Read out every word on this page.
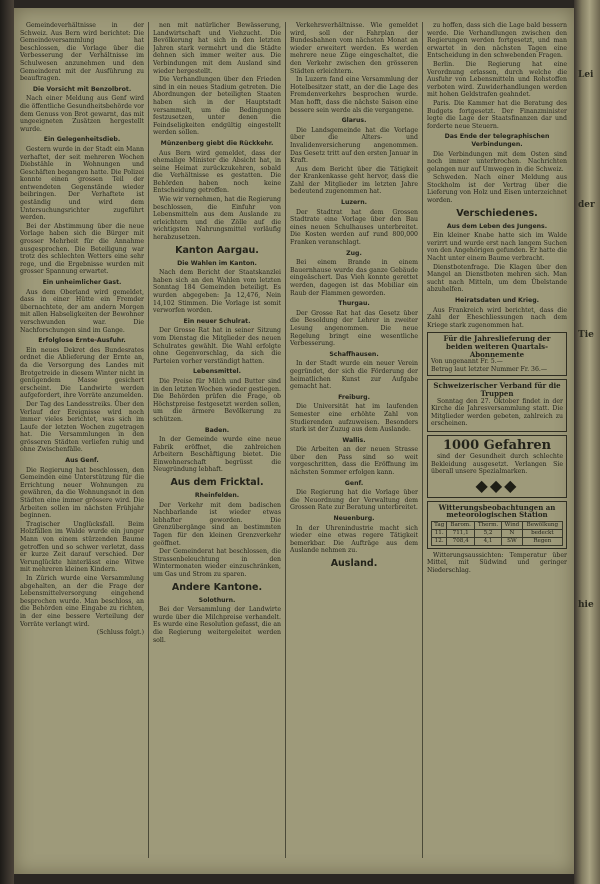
Gemeindeverhältnisse in der Schweiz. Aus Bern wird berichtet: Die Gemeindeversammlung hat beschlossen, die Vorlage über die Verbesserung der Verhältnisse im Schulwesen anzunehmen und den Gemeinderat mit der Ausführung zu beauftragen.

Die Vorsicht mit Benzolbrot.

Nach einer Meldung aus Genf wird die öffentliche Gesundheitsbehörde vor dem Genuss von Brot gewarnt, das mit ungeeigneten Zusätzen hergestellt wurde.

Ein Gelegenheitsdieb.

Gestern wurde in der Stadt ein Mann verhaftet, der seit mehreren Wochen Diebstähle in Wohnungen und Geschäften begangen hatte. Die Polizei konnte einen grossen Teil der entwendeten Gegenstände wieder beibringen. Der Verhaftete ist geständig und wird dem Untersuchungsrichter zugeführt werden.

Bei der Abstimmung über die neue Vorlage haben sich die Bürger mit grosser Mehrheit für die Annahme ausgesprochen. Die Beteiligung war trotz des schlechten Wetters eine sehr rege, und die Ergebnisse wurden mit grosser Spannung erwartet.

Ein unheimlicher Gast.

Aus dem Oberland wird gemeldet, dass in einer Hütte ein Fremder übernachtete, der am andern Morgen mit allen Habseligkeiten der Bewohner verschwunden war. Die Nachforschungen sind im Gange.

Erfolglose Ernte-Ausfuhr.

Ein neues Dekret des Bundesrates ordnet die Ablieferung der Ernte an, da die Versorgung des Landes mit Brotgetreide in diesem Winter nicht in genügendem Masse gesichert erscheint. Die Landwirte werden aufgefordert, ihre Vorräte anzumelden.

Der Tag des Landesstreiks. Über den Verlauf der Ereignisse wird noch immer vieles berichtet, was sich im Laufe der letzten Wochen zugetragen hat. Die Versammlungen in den grösseren Städten verliefen ruhig und ohne Zwischenfälle.

Aus Genf.

Die Regierung hat beschlossen, den Gemeinden eine Unterstützung für die Errichtung neuer Wohnungen zu gewähren, da die Wohnungsnot in den Städten eine immer grössere wird. Die Arbeiten sollen im nächsten Frühjahr beginnen.

Tragischer Unglücksfall. Beim Holzfällen im Walde wurde ein junger Mann von einem stürzenden Baume getroffen und so schwer verletzt, dass er kurze Zeit darauf verschied. Der Verunglückte hinterlässt eine Witwe mit mehreren kleinen Kindern.

In Zürich wurde eine Versammlung abgehalten, an der die Frage der Lebensmittelversorgung eingehend besprochen wurde. Man beschloss, an die Behörden eine Eingabe zu richten, in der eine bessere Verteilung der Vorräte verlangt wird.

(Schluss folgt.)

nen mit natürlicher Bewässerung, Landwirtschaft und Viehzucht. Die Bevölkerung hat sich in den letzten Jahren stark vermehrt und die Städte dehnen sich immer weiter aus. Die Verbindungen mit dem Ausland sind wieder hergestellt.

Die Verhandlungen über den Frieden sind in ein neues Stadium getreten. Die Abordnungen der beteiligten Staaten haben sich in der Hauptstadt versammelt, um die Bedingungen festzusetzen, unter denen die Feindseligkeiten endgültig eingestellt werden sollen.

Münzenberg giebt die Rückkehr.

Aus Bern wird gemeldet, dass der ehemalige Minister die Absicht hat, in seine Heimat zurückzukehren, sobald die Verhältnisse es gestatten. Die Behörden haben noch keine Entscheidung getroffen.

Wie wir vernehmen, hat die Regierung beschlossen, die Einfuhr von Lebensmitteln aus dem Auslande zu erleichtern und die Zölle auf die wichtigsten Nahrungsmittel vorläufig herabzusetzen.

Kanton Aargau.
Die Wahlen im Kanton.

Nach dem Bericht der Staatskanzlei haben sich an den Wahlen vom letzten Sonntag 184 Gemeinden beteiligt. Es wurden abgegeben: Ja 12,476, Nein 14,102 Stimmen. Die Vorlage ist somit verworfen worden.

Ein neuer Schulrat.

Der Grosse Rat hat in seiner Sitzung vom Dienstag die Mitglieder des neuen Schulrates gewählt. Die Wahl erfolgte ohne Gegenvorschlag, da sich die Parteien vorher verständigt hatten.

Lebensmittel.

Die Preise für Milch und Butter sind in den letzten Wochen wieder gestiegen. Die Behörden prüfen die Frage, ob Höchstpreise festgesetzt werden sollen, um die ärmere Bevölkerung zu schützen.

Baden.

In der Gemeinde wurde eine neue Fabrik eröffnet, die zahlreichen Arbeitern Beschäftigung bietet. Die Einwohnerschaft begrüsst die Neugründung lebhaft.

Aus dem Fricktal.
Rheinfelden.

Der Verkehr mit dem badischen Nachbarlande ist wieder etwas lebhafter geworden. Die Grenzübergänge sind an bestimmten Tagen für den kleinen Grenzverkehr geöffnet.

Der Gemeinderat hat beschlossen, die Strassenbeleuchtung in den Wintermonaten wieder einzuschränken, um Gas und Strom zu sparen.

Andere Kantone.
Solothurn.

Bei der Versammlung der Landwirte wurde über die Milchpreise verhandelt. Es wurde eine Resolution gefasst, die an die Regierung weitergeleitet werden soll.

Verkehrsverhältnisse. Wie gemeldet wird, soll der Fahrplan der Bundesbahnen vom nächsten Monat an wieder erweitert werden. Es werden mehrere neue Züge eingeschaltet, die den Verkehr zwischen den grösseren Städten erleichtern.

In Luzern fand eine Versammlung der Hotelbesitzer statt, an der die Lage des Fremdenverkehrs besprochen wurde. Man hofft, dass die nächste Saison eine bessere sein werde als die vergangene.

Glarus.

Die Landsgemeinde hat die Vorlage über die Alters- und Invalidenversicherung angenommen. Das Gesetz tritt auf den ersten Januar in Kraft.

Aus dem Bericht über die Tätigkeit der Krankenkasse geht hervor, dass die Zahl der Mitglieder im letzten Jahre bedeutend zugenommen hat.

Luzern.

Der Stadtrat hat dem Grossen Stadtrate eine Vorlage über den Bau eines neuen Schulhauses unterbreitet. Die Kosten werden auf rund 800,000 Franken veranschlagt.

Zug.

Bei einem Brande in einem Bauernhause wurde das ganze Gebäude eingeäschert. Das Vieh konnte gerettet werden, dagegen ist das Mobiliar ein Raub der Flammen geworden.

Thurgau.

Der Grosse Rat hat das Gesetz über die Besoldung der Lehrer in zweiter Lesung angenommen. Die neue Regelung bringt eine wesentliche Verbesserung.

Schaffhausen.

In der Stadt wurde ein neuer Verein gegründet, der sich die Förderung der heimatlichen Kunst zur Aufgabe gemacht hat.

Freiburg.

Die Universität hat im laufenden Semester eine erhöhte Zahl von Studierenden aufzuweisen. Besonders stark ist der Zuzug aus dem Auslande.

Wallis.

Die Arbeiten an der neuen Strasse über den Pass sind so weit vorgeschritten, dass die Eröffnung im nächsten Sommer erfolgen kann.

Genf.

Die Regierung hat die Vorlage über die Neuordnung der Verwaltung dem Grossen Rate zur Beratung unterbreitet.

Neuenburg.

In der Uhrenindustrie macht sich wieder eine etwas regere Tätigkeit bemerkbar. Die Aufträge aus dem Auslande nehmen zu.

Ausland.

zu hoffen, dass sich die Lage bald bessern werde. Die Verhandlungen zwischen den Regierungen werden fortgesetzt, und man erwartet in den nächsten Tagen eine Entscheidung in den schwebenden Fragen.

Berlin. Die Regierung hat eine Verordnung erlassen, durch welche die Ausfuhr von Lebensmitteln und Rohstoffen verboten wird. Zuwiderhandlungen werden mit hohen Geldstrafen geahndet.

Paris. Die Kammer hat die Beratung des Budgets fortgesetzt. Der Finanzminister legte die Lage der Staatsfinanzen dar und forderte neue Steuern.

Das Ende der telegraphischen Verbindungen.

Die Verbindungen mit dem Osten sind noch immer unterbrochen. Nachrichten gelangen nur auf Umwegen in die Schweiz.

Schweden. Nach einer Meldung aus Stockholm ist der Vertrag über die Lieferung von Holz und Eisen unterzeichnet worden.

Verschiedenes.
Aus dem Leben des Jungens.

Ein kleiner Knabe hatte sich im Walde verirrt und wurde erst nach langem Suchen von den Angehörigen gefunden. Er hatte die Nacht unter einem Baume verbracht.

Dienstbotenfrage. Die Klagen über den Mangel an Dienstboten mehren sich. Man sucht nach Mitteln, um dem Übelstande abzuhelfen.

Heiratsdaten und Krieg.

Aus Frankreich wird berichtet, dass die Zahl der Eheschliessungen nach dem Kriege stark zugenommen hat.

Für die Jahreslieferung der beiden weiteren Quartals-Abonnemente
Von ungenannt Fr. 5.—
Betrag laut letzter Nummer Fr. 36.—
Schweizerischer Verband für die Truppen

Sonntag den 27. Oktober findet in der Kirche die Jahresversammlung statt. Die Mitglieder werden gebeten, zahlreich zu erscheinen.

1000 Gefahren

sind der Gesundheit durch schlechte Bekleidung ausgesetzt. Verlangen Sie überall unsere Spezialmarken.

◆◆◆
Witterungsbeobachtungen an meteorologischen Station
Tag	Barom.	Therm.	Wind	Bewölkung
11.	711,1	5,2	N	bedeckt
12.	708,4	4,1	SW	Regen

Witterungsaussichten: Temperatur über Mittel, mit Südwind und geringer Niederschlag.

Lei
der
Tie
hie
